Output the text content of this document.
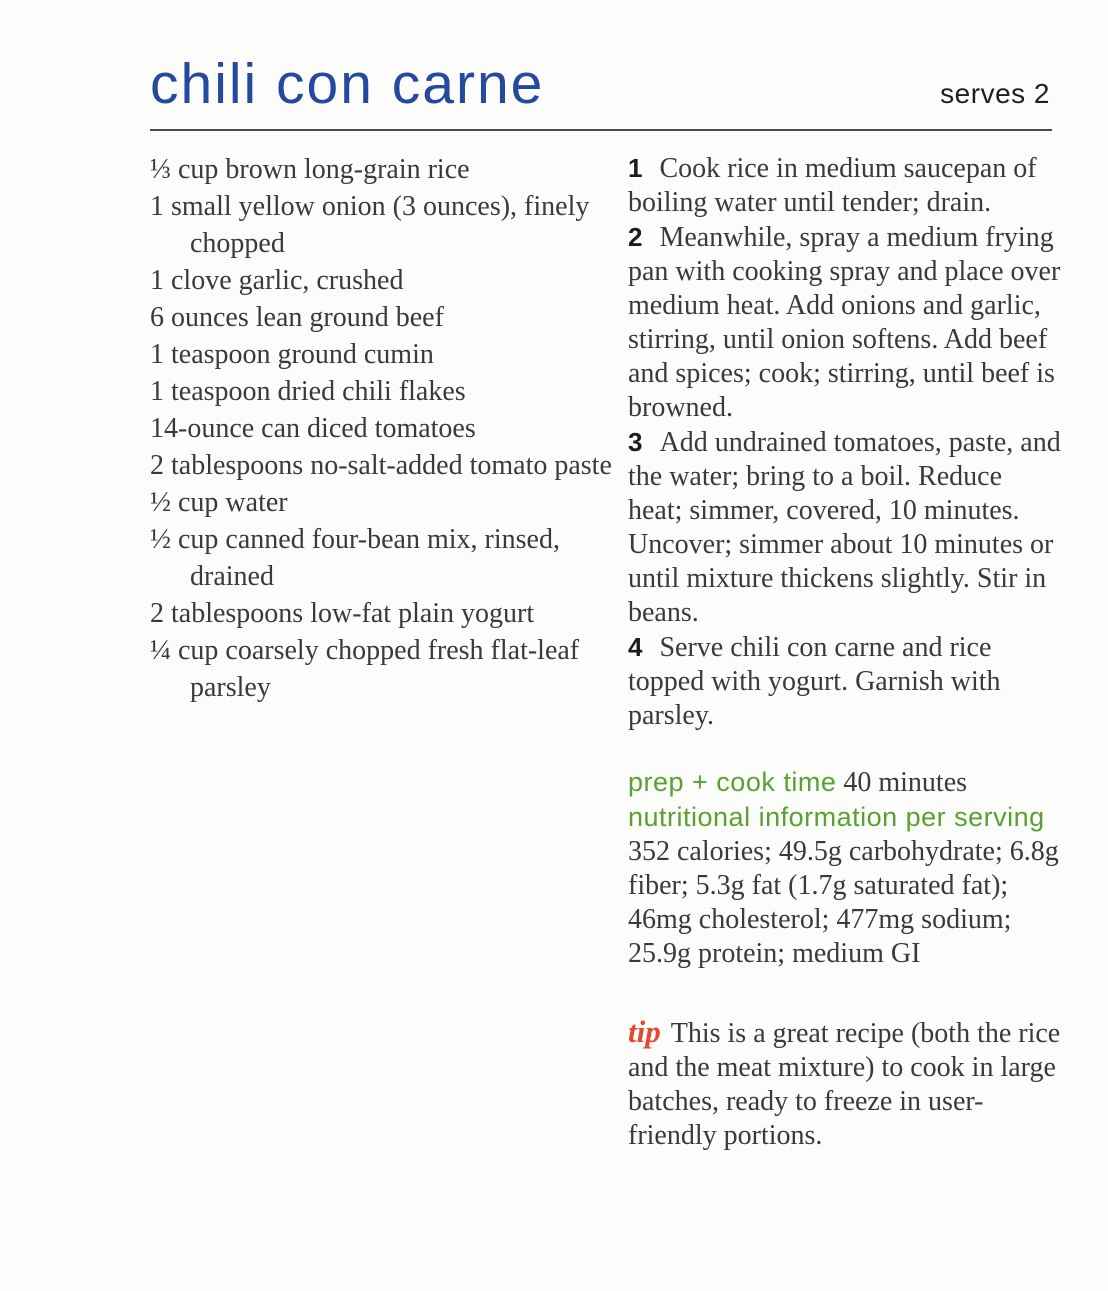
chili con carne	serves 2
⅓ cup brown long-grain rice
1 small yellow onion (3 ounces), finely chopped
1 clove garlic, crushed
6 ounces lean ground beef
1 teaspoon ground cumin
1 teaspoon dried chili flakes
14-ounce can diced tomatoes
2 tablespoons no-salt-added tomato paste
½ cup water
½ cup canned four-bean mix, rinsed, drained
2 tablespoons low-fat plain yogurt
¼ cup coarsely chopped fresh flat-leaf parsley

1 Cook rice in medium saucepan of boiling water until tender; drain.

2 Meanwhile, spray a medium frying pan with cooking spray and place over medium heat. Add onions and garlic, stirring, until onion softens. Add beef and spices; cook; stirring, until beef is browned.

3 Add undrained tomatoes, paste, and the water; bring to a boil. Reduce heat; simmer, covered, 10 minutes. Uncover; simmer about 10 minutes or until mixture thickens slightly. Stir in beans.

4 Serve chili con carne and rice topped with yogurt. Garnish with parsley.

prep + cook time 40 minutes

nutritional information per serving

352 calories; 49.5g carbohydrate; 6.8g fiber; 5.3g fat (1.7g saturated fat); 46mg cholesterol; 477mg sodium; 25.9g protein; medium GI

tip This is a great recipe (both the rice and the meat mixture) to cook in large batches, ready to freeze in user-friendly portions.
